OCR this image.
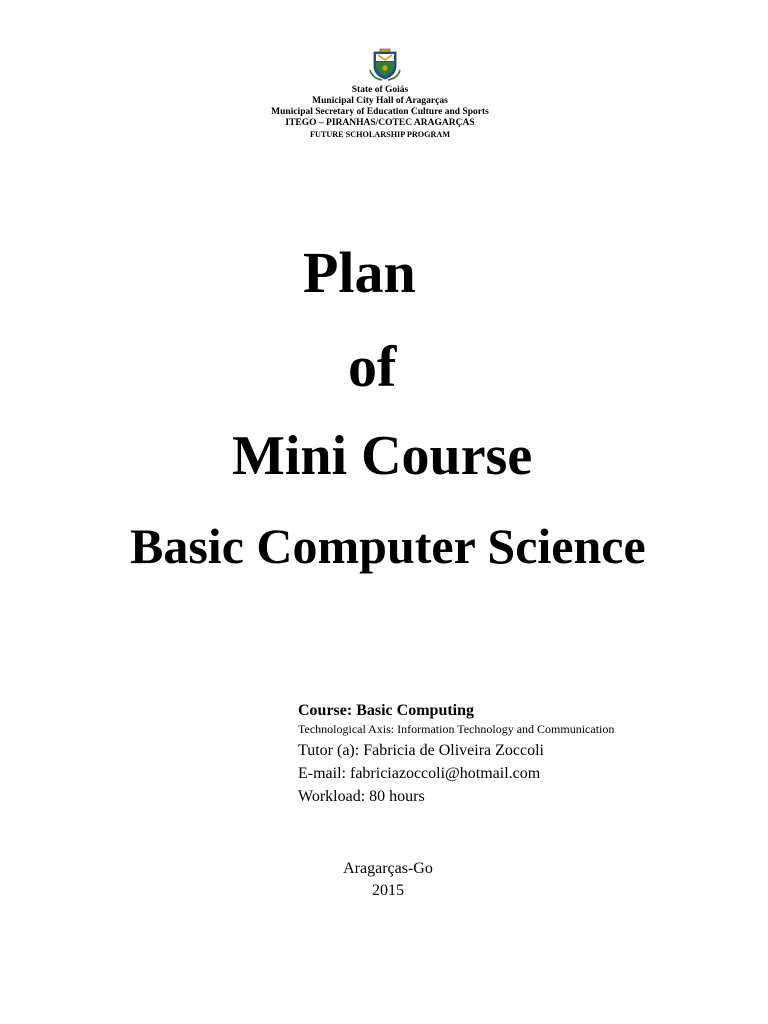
State of Goiás
Municipal City Hall of Aragarças
Municipal Secretary of Education Culture and Sports
ITEGO – PIRANHAS/COTEC ARAGARÇAS
FUTURE SCHOLARSHIP PROGRAM
Plan
of
Mini Course
Basic Computer Science
Course: Basic Computing
Technological Axis: Information Technology and Communication
Tutor (a): Fabricia de Oliveira Zoccoli
E-mail: fabriciazoccoli@hotmail.com
Workload: 80 hours
Aragarças-Go
2015
